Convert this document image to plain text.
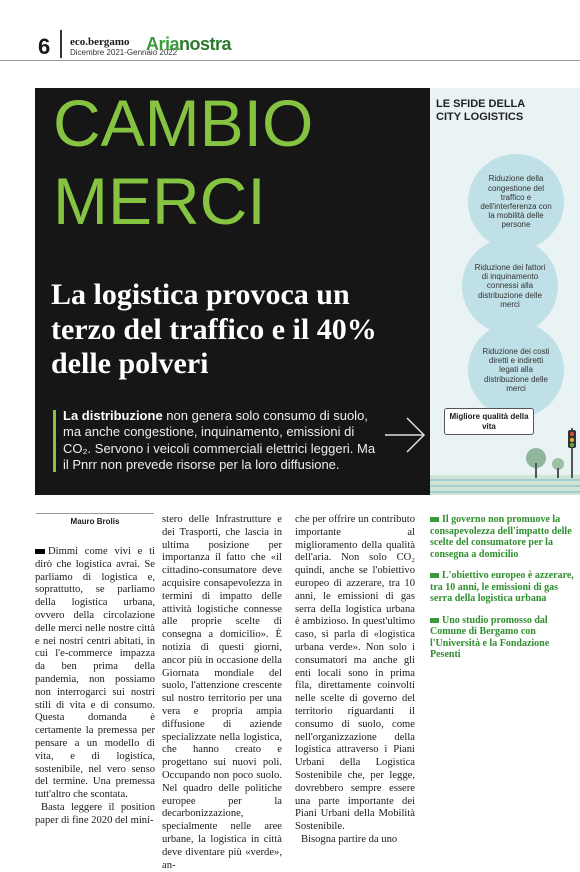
6 eco.bergamo
Dicembre 2021-Gennaio 2022
Arianostra
CAMBIO
MERCI
La logistica provoca un terzo del traffico e il 40% delle polveri
La distribuzione non genera solo consumo di suolo, ma anche congestione, inquinamento, emissioni di CO₂. Servono i veicoli commerciali elettrici leggeri. Ma il Pnrr non prevede risorse per la loro diffusione.
LE SFIDE DELLA CITY LOGISTICS
Riduzione della congestione del traffico e dell'interferenza con la mobilità delle persone
Riduzione dei fattori di inquinamento connessi alla distribuzione delle merci
Riduzione dei costi diretti e indiretti legati alla distribuzione delle merci
Migliore qualità della vita
Mauro Brolis

Dimmi come vivi e ti dirò che logistica avrai. Se parliamo di logistica e, soprattutto, se parliamo della logistica urbana, ovvero della circolazione delle merci nelle nostre città e nei nostri centri abitati, in cui l'e-commerce impazza da ben prima della pandemia, non possiamo non interrogarci sui nostri stili di vita e di consumo. Questa domanda è certamente la premessa per pensare a un modello di vita, e di logistica, sostenibile, nel vero senso del termine. Una premessa tutt'altro che scontata.

Basta leggere il position paper di fine 2020 del mini-

stero delle Infrastrutture e dei Trasporti, che lascia in ultima posizione per importanza il fatto che «il cittadino-consumatore deve acquisire consapevolezza in termini di impatto delle attività logistiche connesse alle proprie scelte di consegna a domicilio». È notizia di questi giorni, ancor più in occasione della Giornata mondiale del suolo, l'attenzione crescente sul nostro territorio per una vera e propria ampia diffusione di aziende specializzate nella logistica, che hanno creato e progettano sui nuovi poli. Occupando non poco suolo. Nel quadro delle politiche europee per la decarbonizzazione, specialmente nelle aree urbane, la logistica in città deve diventare più «verde», an-

che per offrire un contributo importante al miglioramento della qualità dell'aria. Non solo CO₂ quindi, anche se l'obiettivo europeo di azzerare, tra 10 anni, le emissioni di gas serra della logistica urbana è ambizioso. In quest'ultimo caso, si parla di «logistica urbana verde». Non solo i consumatori ma anche gli enti locali sono in prima fila, direttamente coinvolti nelle scelte di governo del territorio riguardanti il consumo di suolo, come nell'organizzazione della logistica attraverso i Piani Urbani della Logistica Sostenibile che, per legge, dovrebbero sempre essere una parte importante dei Piani Urbani della Mobilità Sostenibile.

Bisogna partire da uno

Il governo non promuove la consapevolezza dell'impatto delle scelte del consumatore per la consegna a domicilio

L'obiettivo europeo è azzerare, tra 10 anni, le emissioni di gas serra della logistica urbana

Uno studio promosso dal Comune di Bergamo con l'Università e la Fondazione Pesenti
